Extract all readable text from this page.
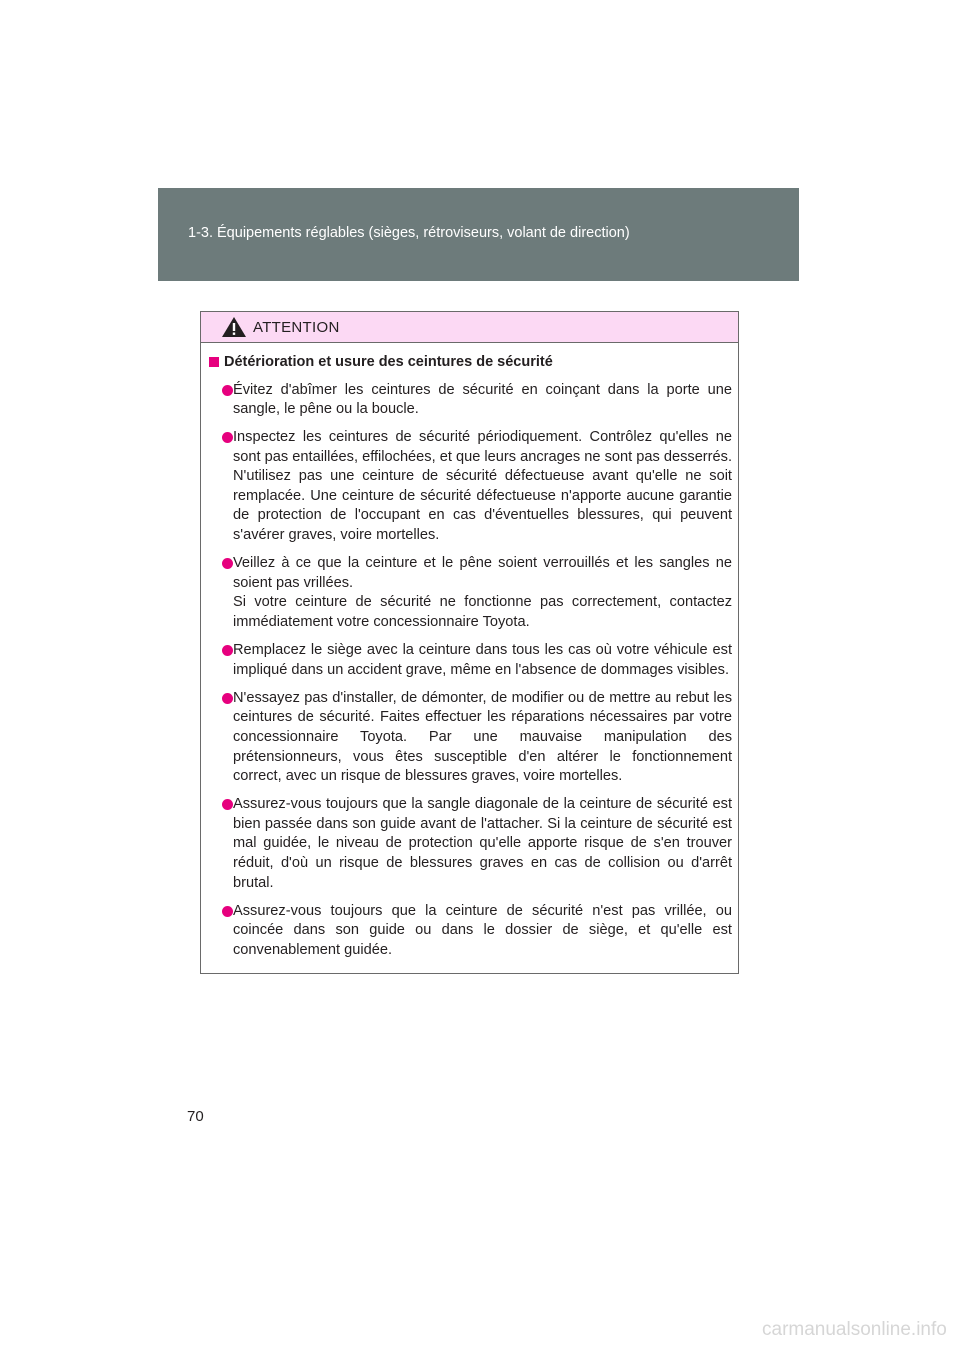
1-3. Équipements réglables (sièges, rétroviseurs, volant de direction)
ATTENTION
Détérioration et usure des ceintures de sécurité
Évitez d'abîmer les ceintures de sécurité en coinçant dans la porte une sangle, le pêne ou la boucle.
Inspectez les ceintures de sécurité périodiquement. Contrôlez qu'elles ne sont pas entaillées, effilochées, et que leurs ancrages ne sont pas desserrés. N'utilisez pas une ceinture de sécurité défectueuse avant qu'elle ne soit remplacée. Une ceinture de sécurité défectueuse n'apporte aucune garantie de protection de l'occupant en cas d'éventuelles blessures, qui peuvent s'avérer graves, voire mortelles.
Veillez à ce que la ceinture et le pêne soient verrouillés et les sangles ne soient pas vrillées.
Si votre ceinture de sécurité ne fonctionne pas correctement, contactez immédiatement votre concessionnaire Toyota.
Remplacez le siège avec la ceinture dans tous les cas où votre véhicule est impliqué dans un accident grave, même en l'absence de dommages visibles.
N'essayez pas d'installer, de démonter, de modifier ou de mettre au rebut les ceintures de sécurité. Faites effectuer les réparations nécessaires par votre concessionnaire Toyota. Par une mauvaise manipulation des prétensionneurs, vous êtes susceptible d'en altérer le fonctionnement correct, avec un risque de blessures graves, voire mortelles.
Assurez-vous toujours que la sangle diagonale de la ceinture de sécurité est bien passée dans son guide avant de l'attacher. Si la ceinture de sécurité est mal guidée, le niveau de protection qu'elle apporte risque de s'en trouver réduit, d'où un risque de blessures graves en cas de collision ou d'arrêt brutal.
Assurez-vous toujours que la ceinture de sécurité n'est pas vrillée, ou coincée dans son guide ou dans le dossier de siège, et qu'elle est convenablement guidée.
70
carmanualsonline.info
